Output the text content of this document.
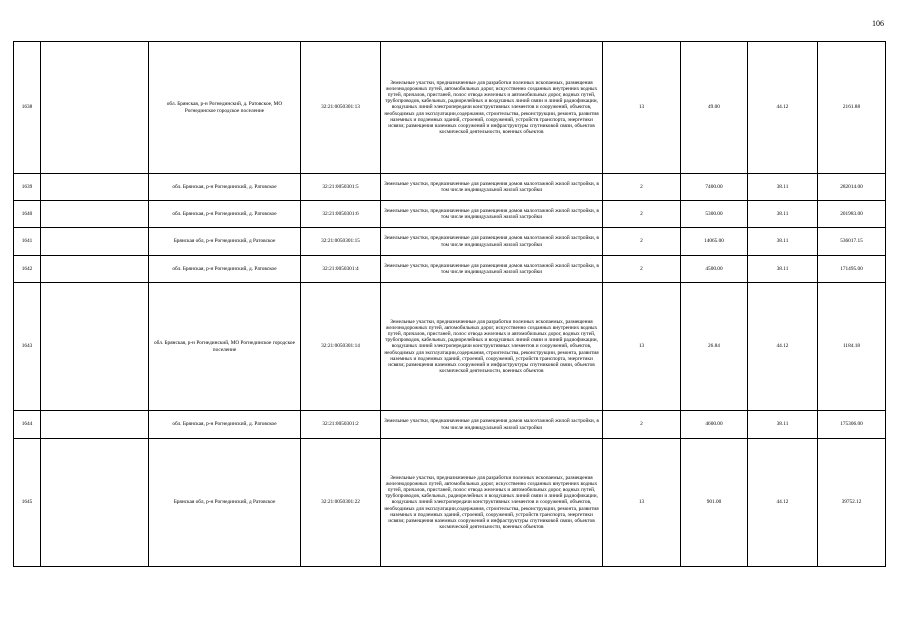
106
1638		обл. Брянская, р-н Рогнединский, д. Ратовское, МО Рогнединское городское поселение	32:21:0050301:13	Земельные участки, предназначенные для разработки полезных ископаемых, размещения железнодорожных путей, автомобильных дорог, искусственно созданных внутренних водных путей, причалов, пристаней, полос отвода железных и автомобильных дорог, водных путей, трубопроводов, кабельных, радиорелейных и воздушных линий связи и линий радиофикации, воздушных линий электропередачи конструктивных элементов и сооружений, объектов, необходимых для эксплуатации,содержания, строительства, реконструкции, ремонта, развития наземных и подземных зданий, строений, сооружений, устройств транспорта, энергетики исвязи; размещения наземных сооружений и инфраструктуры спутниковой связи, объектов космической деятельности, военных объектов	13	49.00	44.12	2161.88
1639		обл. Брянская, р-н Рогнединский, д. Ратовское	32:21:0050301:5	Земельные участки, предназначенные для размещения домов малоэтажной жилой застройки, в том числе индивидуальной жилой застройки	2	7400.00	38.11	282014.00
1640		обл. Брянская, р-н Рогнединский, д. Ратовское	32:21:0050301:6	Земельные участки, предназначенные для размещения домов малоэтажной жилой застройки, в том числе индивидуальной жилой застройки	2	5300.00	38.11	201983.00
1641		Брянская обл, р-н Рогнединский, д Ратовское	32:21:0050301:15	Земельные участки, предназначенные для размещения домов малоэтажной жилой застройки, в том числе индивидуальной жилой застройки	2	14065.00	38.11	536017.15
1642		обл. Брянская, р-н Рогнединский, д. Ратовское	32:21:0050301:4	Земельные участки, предназначенные для размещения домов малоэтажной жилой застройки, в том числе индивидуальной жилой застройки	2	4500.00	38.11	171495.00
1643		обл. Брянская, р-н Рогнединский, МО Рогнединское городское поселение	32:21:0050301:14	Земельные участки, предназначенные для разработки полезных ископаемых, размещения железнодорожных путей, автомобильных дорог, искусственно созданных внутренних водных путей, причалов, пристаней, полос отвода железных и автомобильных дорог, водных путей, трубопроводов, кабельных, радиорелейных и воздушных линий связи и линий радиофикации, воздушных линий электропередачи конструктивных элементов и сооружений, объектов, необходимых для эксплуатации,содержания, строительства, реконструкции, ремонта, развития наземных и подземных зданий, строений, сооружений, устройств транспорта, энергетики исвязи; размещения наземных сооружений и инфраструктуры спутниковой связи, объектов космической деятельности, военных объектов	13	26.84	44.12	1184.18
1644		обл. Брянская, р-н Рогнединский, д. Ратовское	32:21:0050301:2	Земельные участки, предназначенные для размещения домов малоэтажной жилой застройки, в том числе индивидуальной жилой застройки	2	4600.00	38.11	175306.00
1645		Брянская обл, р-н Рогнединский, д Ратовское	32:21:0050301:22	Земельные участки, предназначенные для разработки полезных ископаемых, размещения железнодорожных путей, автомобильных дорог, искусственно созданных внутренних водных путей, причалов, пристаней, полос отвода железных и автомобильных дорог, водных путей, трубопроводов, кабельных, радиорелейных и воздушных линий связи и линий радиофикации, воздушных линий электропередачи конструктивных элементов и сооружений, объектов, необходимых для эксплуатации,содержания, строительства, реконструкции, ремонта, развития наземных и подземных зданий, строений, сооружений, устройств транспорта, энергетики исвязи; размещения наземных сооружений и инфраструктуры спутниковой связи, объектов космической деятельности, военных объектов	13	901.00	44.12	39752.12
